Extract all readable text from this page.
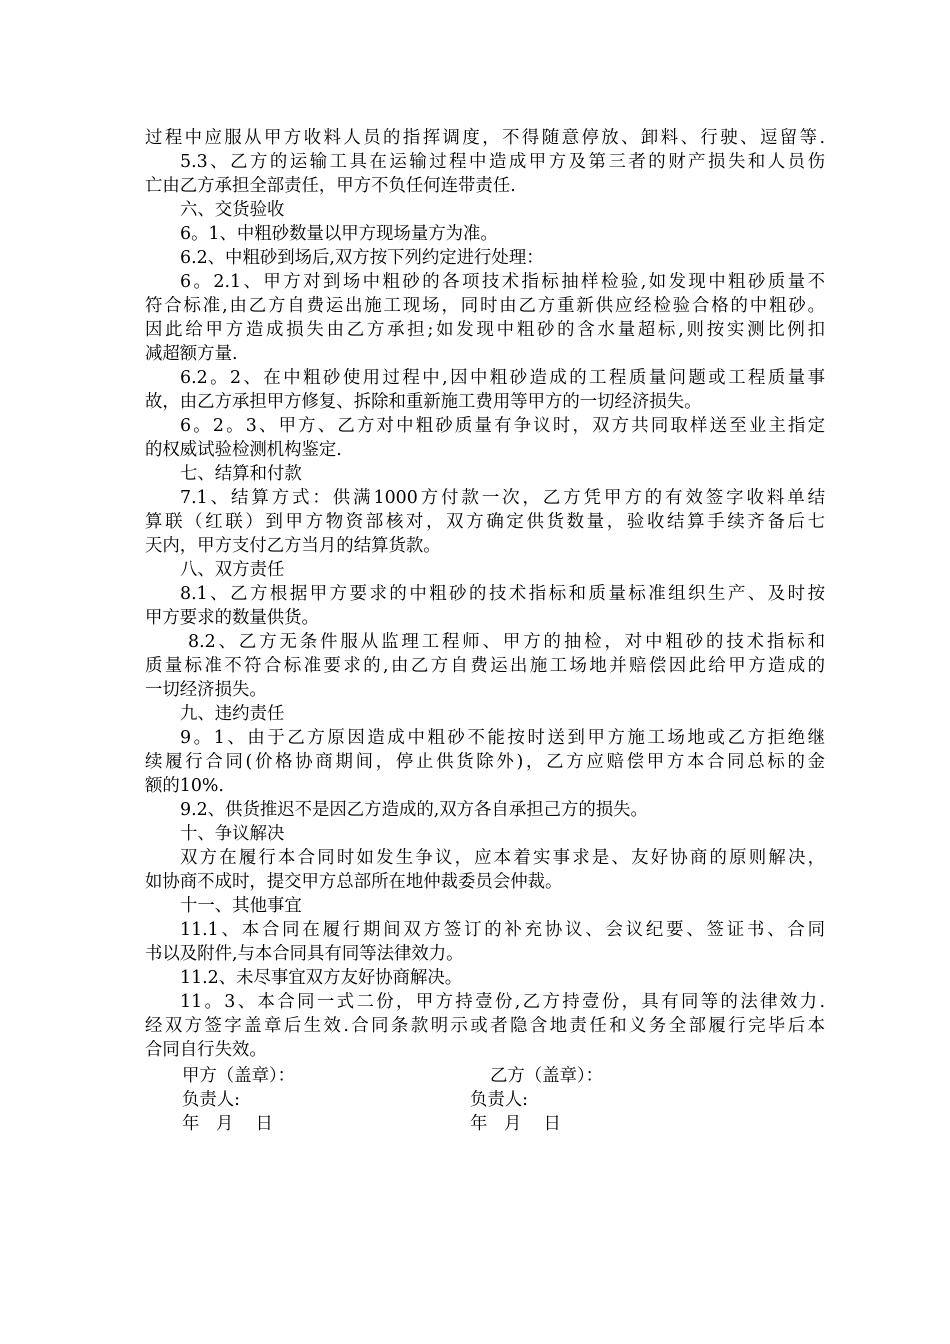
过程中应服从甲方收料人员的指挥调度，不得随意停放、卸料、行驶、逗留等.
5.3、乙方的运输工具在运输过程中造成甲方及第三者的财产损失和人员伤
亡由乙方承担全部责任，甲方不负任何连带责任.
六、交货验收
6。1、中粗砂数量以甲方现场量方为准。
6.2、中粗砂到场后,双方按下列约定进行处理：
6。2.1、甲方对到场中粗砂的各项技术指标抽样检验,如发现中粗砂质量不
符合标准,由乙方自费运出施工现场，同时由乙方重新供应经检验合格的中粗砂。
因此给甲方造成损失由乙方承担;如发现中粗砂的含水量超标,则按实测比例扣
减超额方量.
6.2。2、在中粗砂使用过程中,因中粗砂造成的工程质量问题或工程质量事
故，由乙方承担甲方修复、拆除和重新施工费用等甲方的一切经济损失。
6。2。3、甲方、乙方对中粗砂质量有争议时，双方共同取样送至业主指定
的权威试验检测机构鉴定.
七、结算和付款
7.1、结算方式：供满1000方付款一次，乙方凭甲方的有效签字收料单结
算联（红联）到甲方物资部核对，双方确定供货数量，验收结算手续齐备后七
天内，甲方支付乙方当月的结算货款。
八、双方责任
8.1、乙方根据甲方要求的中粗砂的技术指标和质量标准组织生产、及时按
甲方要求的数量供货。
8.2、乙方无条件服从监理工程师、甲方的抽检，对中粗砂的技术指标和
质量标准不符合标准要求的,由乙方自费运出施工场地并赔偿因此给甲方造成的
一切经济损失。
九、违约责任
9。1、由于乙方原因造成中粗砂不能按时送到甲方施工场地或乙方拒绝继
续履行合同(价格协商期间，停止供货除外)，乙方应赔偿甲方本合同总标的金
额的10%.
9.2、供货推迟不是因乙方造成的,双方各自承担己方的损失。
十、争议解决
双方在履行本合同时如发生争议，应本着实事求是、友好协商的原则解决，
如协商不成时，提交甲方总部所在地仲裁委员会仲裁。
十一、其他事宜
11.1、本合同在履行期间双方签订的补充协议、会议纪要、签证书、合同
书以及附件,与本合同具有同等法律效力。
11.2、未尽事宜双方友好协商解决。
11。3、本合同一式二份，甲方持壹份,乙方持壹份，具有同等的法律效力.
经双方签字盖章后生效.合同条款明示或者隐含地责任和义务全部履行完毕后本
合同自行失效。
甲方（盖章）：	乙方（盖章）：
负责人:	负责人:
年   月    日	年   月    日
